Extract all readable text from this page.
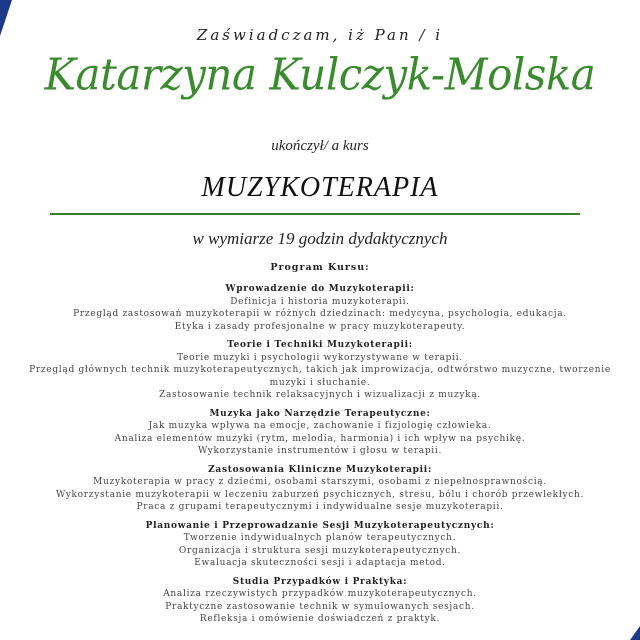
Zaświadczam, iż Pan / i
Katarzyna Kulczyk-Molska
ukończył/ a kurs
MUZYKOTERAPIA
w wymiarze 19 godzin dydaktycznych
Program Kursu:
Wprowadzenie do Muzykoterapii:
Definicja i historia muzykoterapii.
Przegląd zastosowań muzykoterapii w różnych dziedzinach: medycyna, psychologia, edukacja.
Etyka i zasady profesjonalne w pracy muzykoterapeuty.
Teorie i Techniki Muzykoterapii:
Teorie muzyki i psychologii wykorzystywane w terapii.
Przegląd głównych technik muzykoterapeutycznych, takich jak improwizacja, odtwórstwo muzyczne, tworzenie muzyki i słuchanie.
Zastosowanie technik relaksacyjnych i wizualizacji z muzyką.
Muzyka jako Narzędzie Terapeutyczne:
Jak muzyka wpływa na emocje, zachowanie i fizjologię człowieka.
Analiza elementów muzyki (rytm, melodia, harmonia) i ich wpływ na psychikę.
Wykorzystanie instrumentów i głosu w terapii.
Zastosowania Kliniczne Muzykoterapii:
Muzykoterapia w pracy z dziećmi, osobami starszymi, osobami z niepełnosprawnością.
Wykorzystanie muzykoterapii w leczeniu zaburzeń psychicznych, stresu, bólu i chorób przewlekłych.
Praca z grupami terapeutycznymi i indywidualne sesje muzykoterapii.
Planowanie i Przeprowadzanie Sesji Muzykoterapeutycznych:
Tworzenie indywidualnych planów terapeutycznych.
Organizacja i struktura sesji muzykoterapeutycznych.
Ewaluacja skuteczności sesji i adaptacja metod.
Studia Przypadków i Praktyka:
Analiza rzeczywistych przypadków muzykoterapeutycznych.
Praktyczne zastosowanie technik w symulowanych sesjach.
Refleksja i omówienie doświadczeń z praktyk.
